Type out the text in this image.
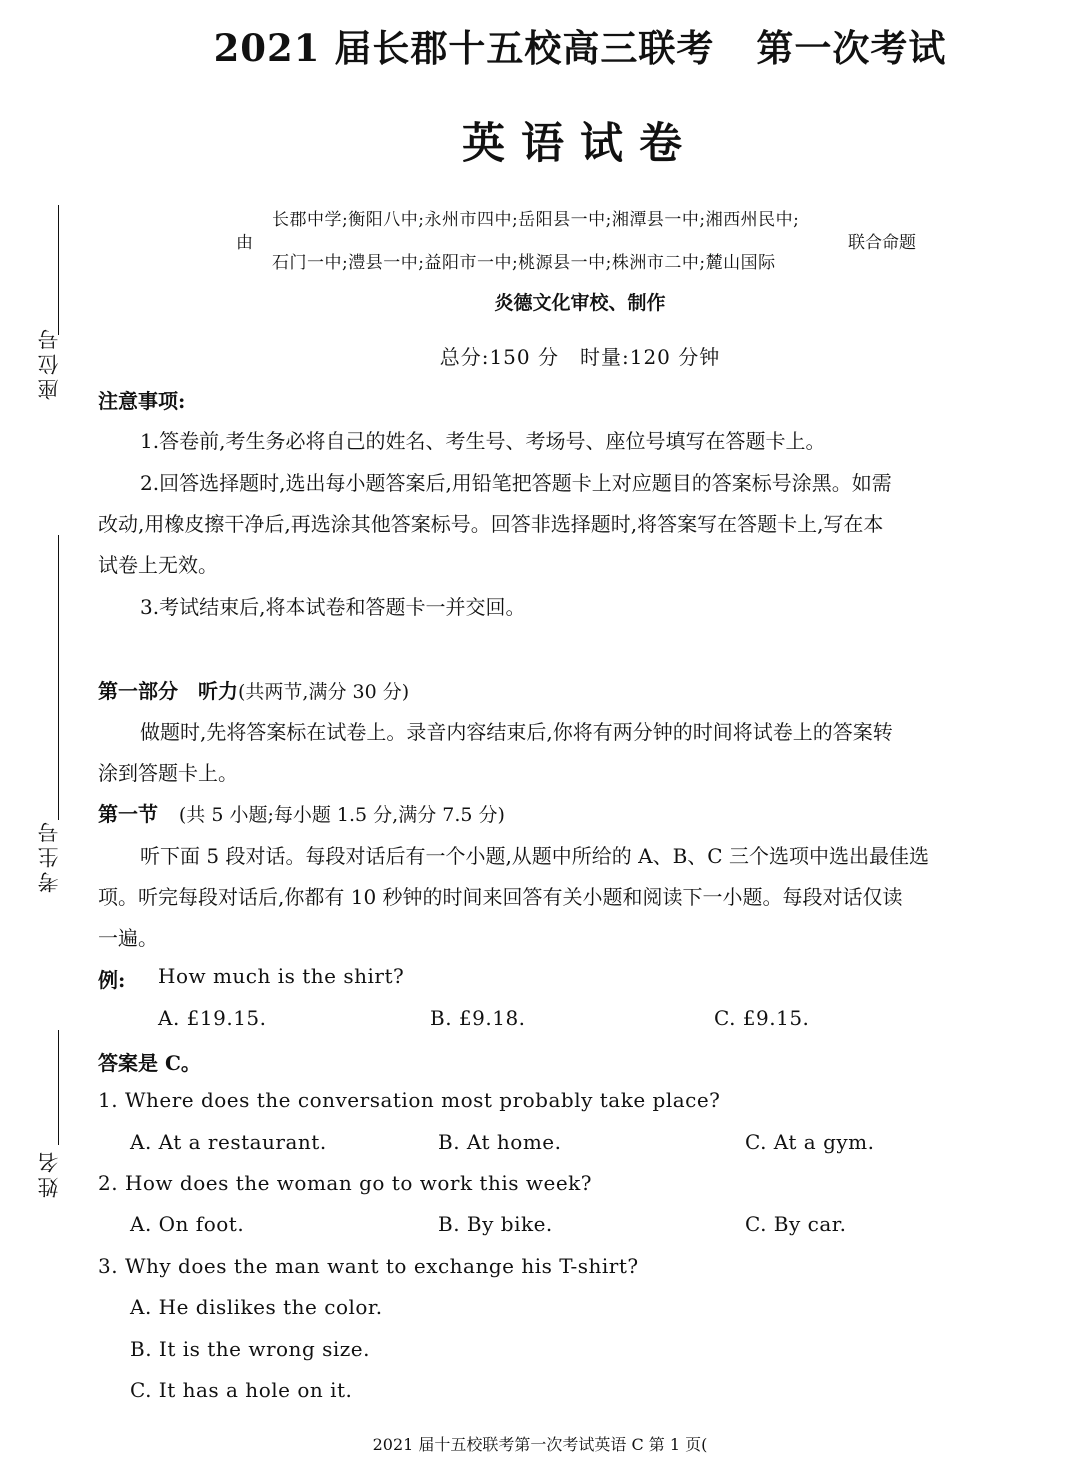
座位号
考生号
姓名
2021 届长郡十五校高三联考 第一次考试
英语试卷
由
长郡中学;衡阳八中;永州市四中;岳阳县一中;湘潭县一中;湘西州民中;
石门一中;澧县一中;益阳市一中;桃源县一中;株洲市二中;麓山国际
联合命题
炎德文化审校、制作
总分:150 分　时量:120 分钟
注意事项:
1.答卷前,考生务必将自己的姓名、考生号、考场号、座位号填写在答题卡上。
2.回答选择题时,选出每小题答案后,用铅笔把答题卡上对应题目的答案标号涂黑。如需
改动,用橡皮擦干净后,再选涂其他答案标号。回答非选择题时,将答案写在答题卡上,写在本
试卷上无效。
3.考试结束后,将本试卷和答题卡一并交回。
第一部分　听力(共两节,满分 30 分)
做题时,先将答案标在试卷上。录音内容结束后,你将有两分钟的时间将试卷上的答案转
涂到答题卡上。
第一节 (共 5 小题;每小题 1.5 分,满分 7.5 分)
听下面 5 段对话。每段对话后有一个小题,从题中所给的 A、B、C 三个选项中选出最佳选
项。听完每段对话后,你都有 10 秒钟的时间来回答有关小题和阅读下一小题。每段对话仅读
一遍。
例: How much is the shirt?
A. £19.15.	B. £9.18.	C. £9.15.
答案是 C。
1. Where does the conversation most probably take place?
A. At a restaurant.	B. At home.	C. At a gym.
2. How does the woman go to work this week?
A. On foot.	B. By bike.	C. By car.
3. Why does the man want to exchange his T-shirt?
A. He dislikes the color.
B. It is the wrong size.
C. It has a hole on it.
2021 届十五校联考第一次考试英语 C 第 1 页(
